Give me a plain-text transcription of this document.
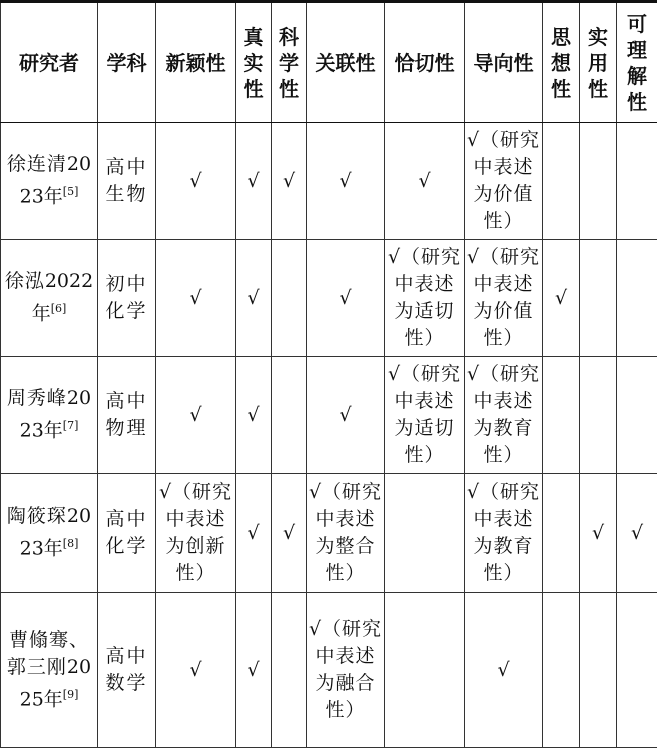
研究者	学科	新颖性	真实性	科学性	关联性	恰切性	导向性	思想性	实用性	可理解性
徐连清2023年[5]	高中生物	√	√	√	√	√	√（研究中表述为价值性）			
徐泓2022年[6]	初中化学	√	√		√	√（研究中表述为适切性）	√（研究中表述为价值性）	√		
周秀峰2023年[7]	高中物理	√	√		√	√（研究中表述为适切性）	√（研究中表述为教育性）			
陶筱琛2023年[8]	高中化学	√（研究中表述为创新性）	√	√	√（研究中表述为整合性）		√（研究中表述为教育性）		√	√
曹翛骞、郭三刚2025年[9]	高中数学	√	√		√（研究中表述为融合性）		√			
